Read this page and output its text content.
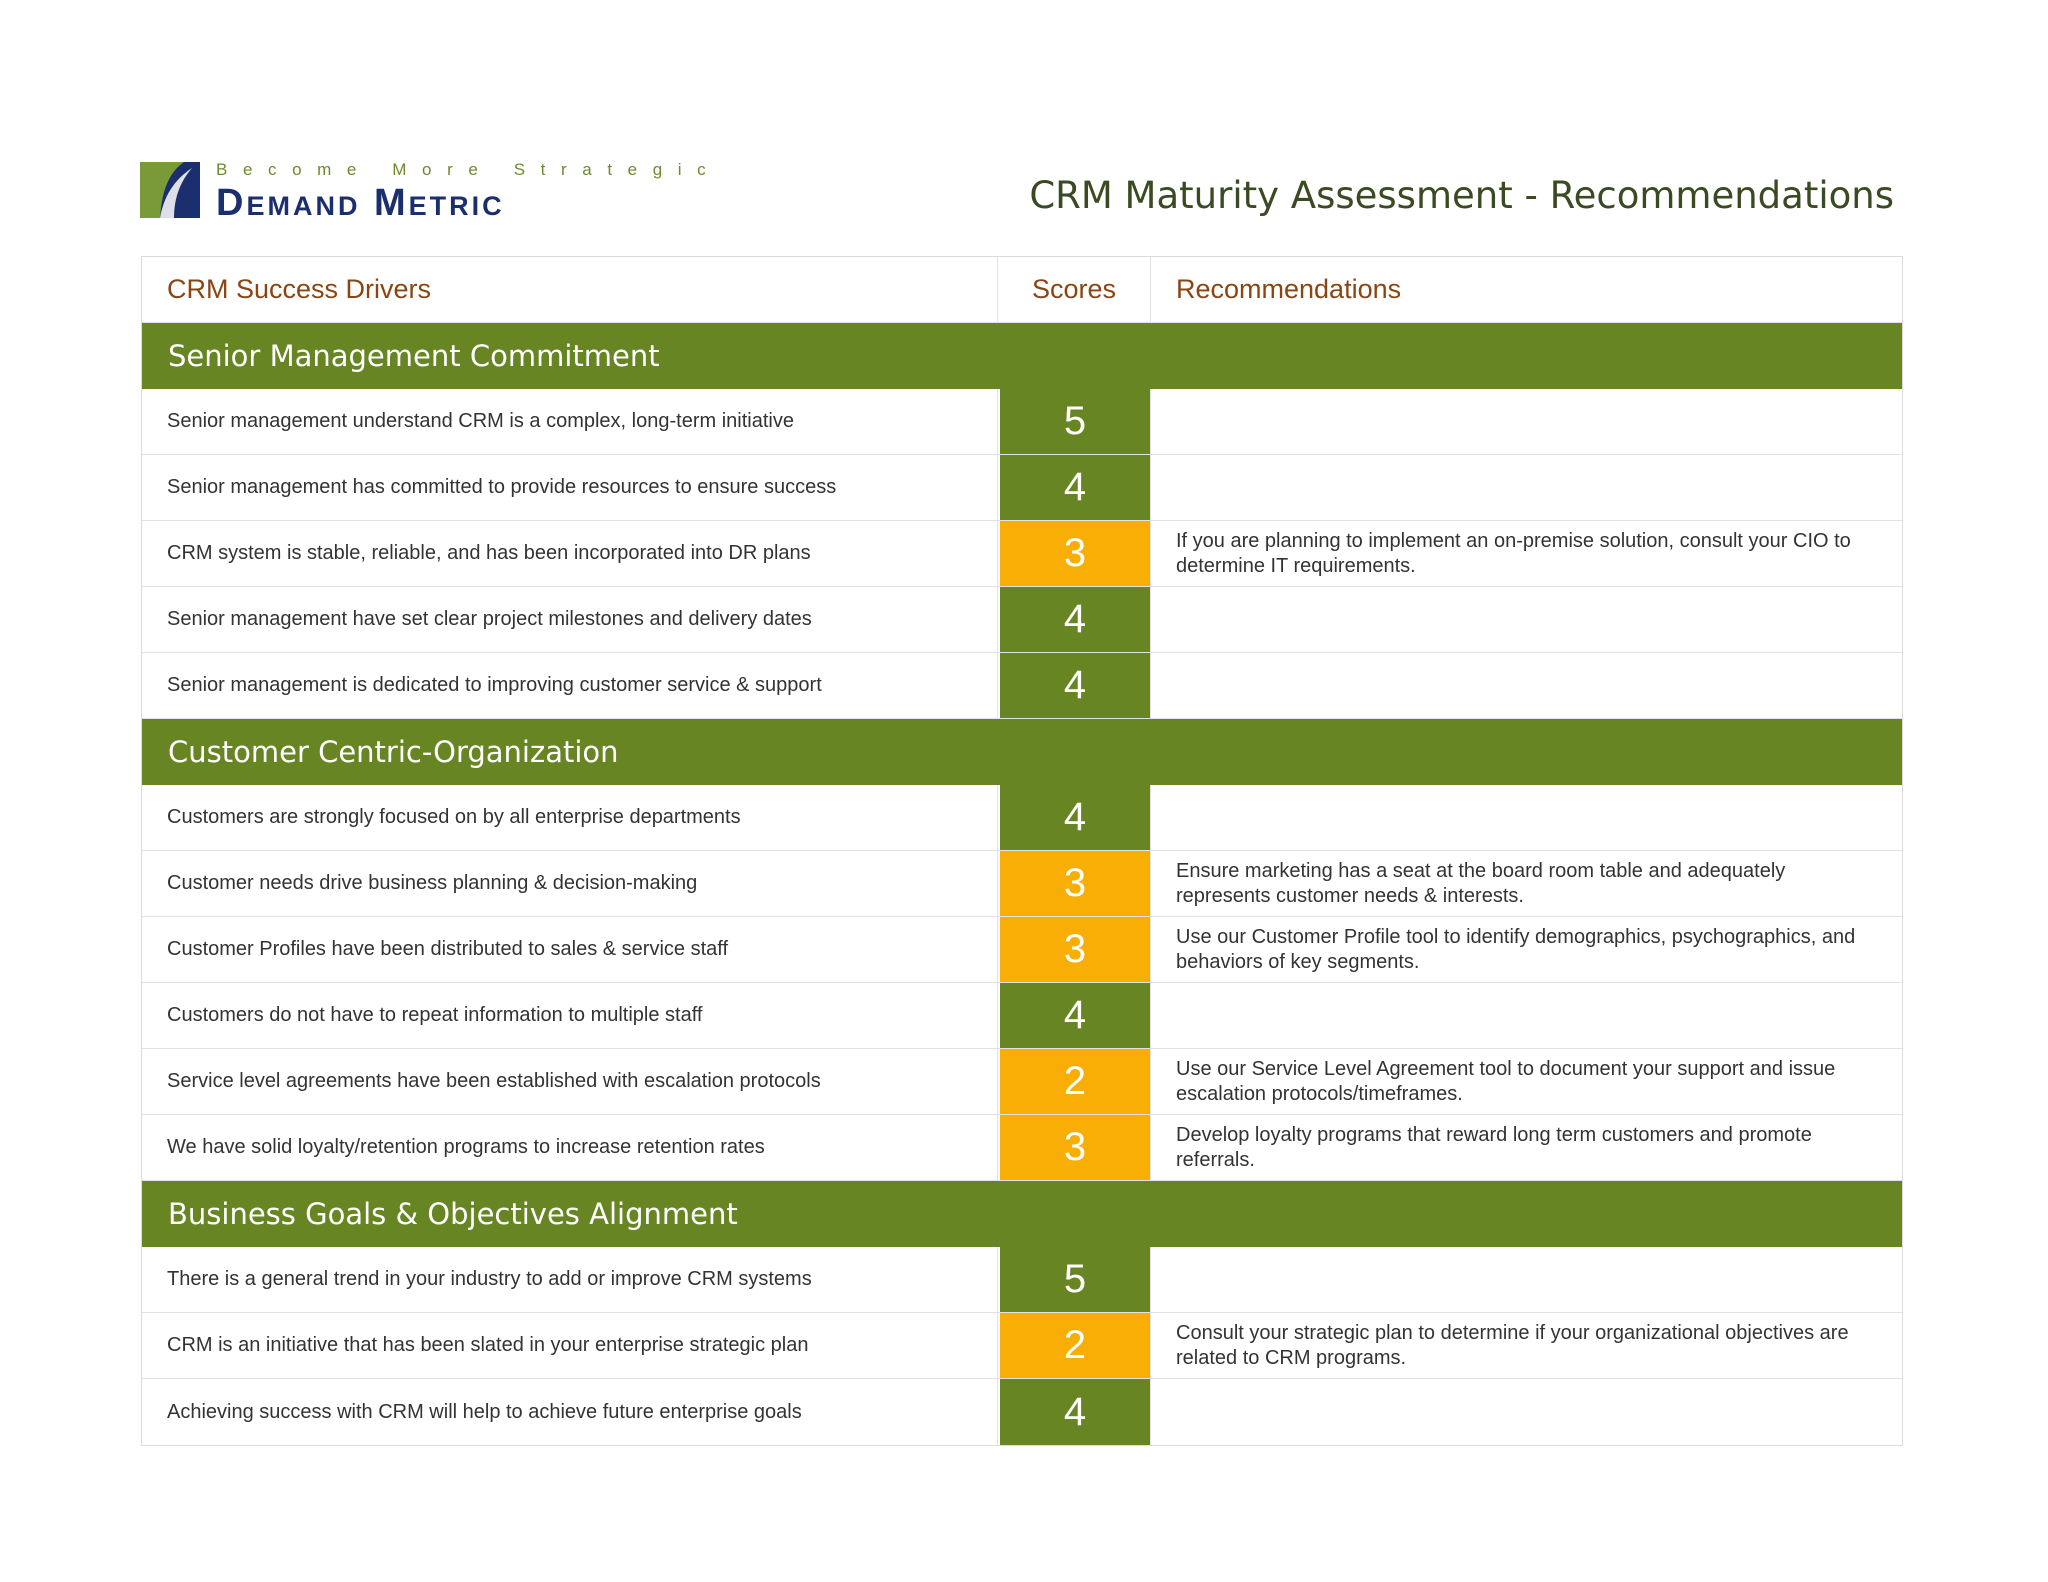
Become More Strategic
Demand Metric	CRM Maturity Assessment - Recommendations
CRM Success Drivers	Scores	Recommendations
Senior Management Commitment
Senior management understand CRM is a complex, long-term initiative	5
Senior management has committed to provide resources to ensure success	4
CRM system is stable, reliable, and has been incorporated into DR plans	3	If you are planning to implement an on-premise solution, consult your CIO to determine IT requirements.
Senior management have set clear project milestones and delivery dates	4
Senior management is dedicated to improving customer service & support	4
Customer Centric-Organization
Customers are strongly focused on by all enterprise departments	4
Customer needs drive business planning & decision-making	3	Ensure marketing has a seat at the board room table and adequately represents customer needs & interests.
Customer Profiles have been distributed to sales & service staff	3	Use our Customer Profile tool to identify demographics, psychographics, and behaviors of key segments.
Customers do not have to repeat information to multiple staff	4
Service level agreements have been established with escalation protocols	2	Use our Service Level Agreement tool to document your support and issue escalation protocols/timeframes.
We have solid loyalty/retention programs to increase retention rates	3	Develop loyalty programs that reward long term customers and promote referrals.
Business Goals & Objectives Alignment
There is a general trend in your industry to add or improve CRM systems	5
CRM is an initiative that has been slated in your enterprise strategic plan	2	Consult your strategic plan to determine if your organizational objectives are related to CRM programs.
Achieving success with CRM will help to achieve future enterprise goals	4
